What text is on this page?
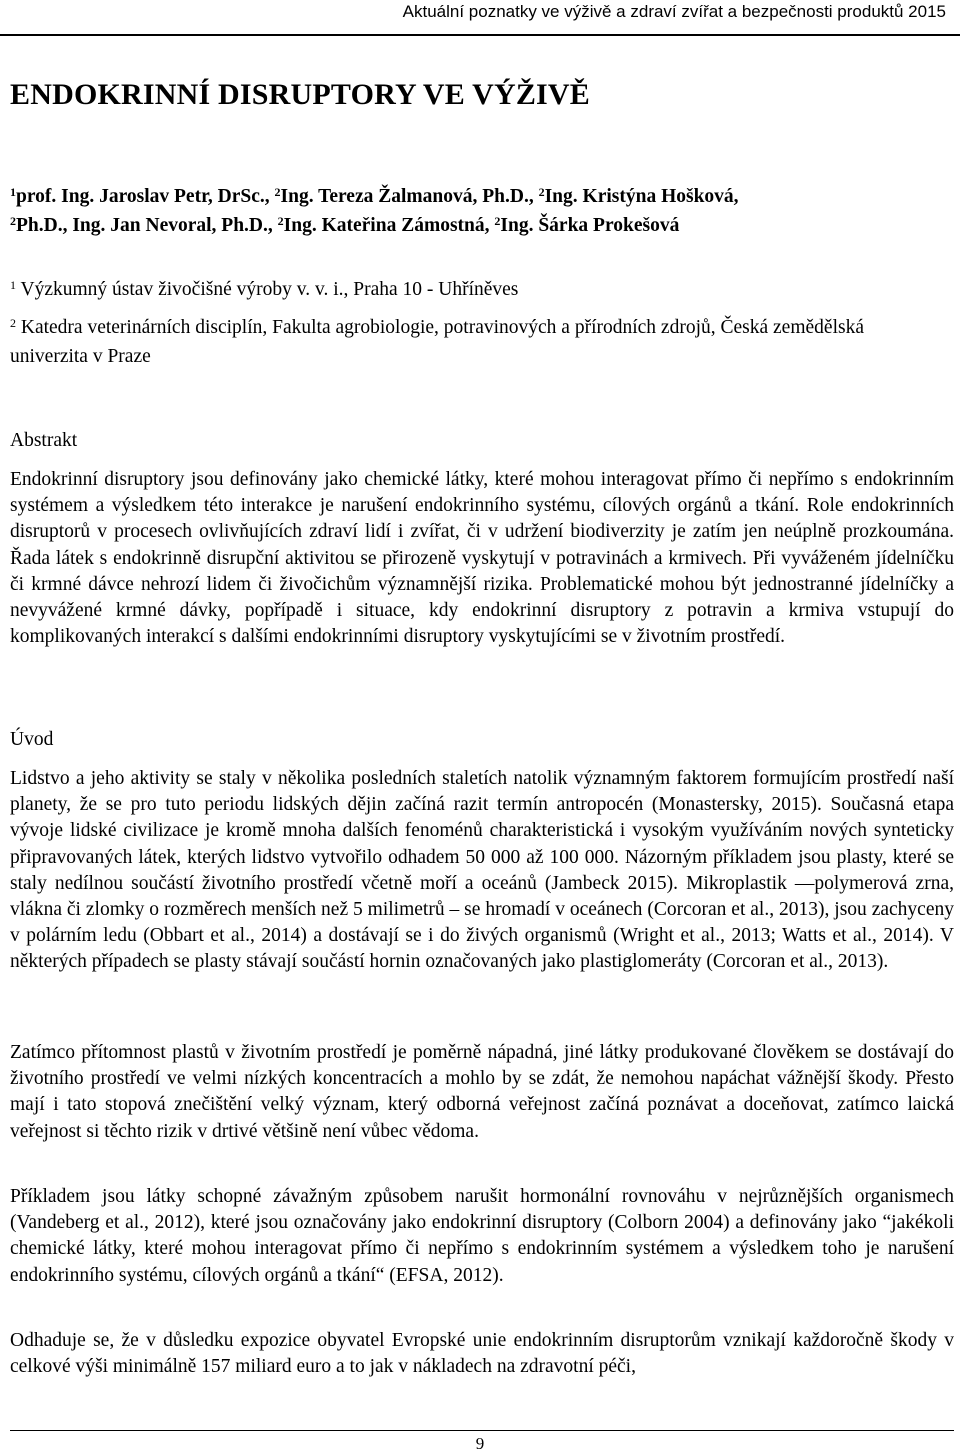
Aktuální poznatky ve výživě a zdraví zvířat a bezpečnosti produktů 2015
ENDOKRINNÍ DISRUPTORY VE VÝŽIVĚ
$^1$prof. Ing. Jaroslav Petr, DrSc., $^2$Ing. Tereza Žalmanová, Ph.D., $^2$Ing. Kristýna Hošková,
$^2$Ph.D., Ing. Jan Nevoral, Ph.D., $^2$Ing. Kateřina Zámostná, $^2$Ing. Šárka Prokešová
$^1$ Výzkumný ústav živočišné výroby v. v. i., Praha 10 - Uhříněves
$^2$ Katedra veterinárních disciplín, Fakulta agrobiologie, potravinových a přírodních zdrojů, Česká zemědělská univerzita v Praze
Abstrakt

Endokrinní disruptory jsou definovány jako chemické látky, které mohou interagovat přímo či nepřímo s endokrinním systémem a výsledkem této interakce je narušení endokrinního systému, cílových orgánů a tkání. Role endokrinních disruptorů v procesech ovlivňujících zdraví lidí i zvířat, či v udržení biodiverzity je zatím jen neúplně prozkoumána. Řada látek s endokrinně disrupční aktivitou se přirozeně vyskytují v potravinách a krmivech. Při vyváženém jídelníčku či krmné dávce nehrozí lidem či živočichům významnější rizika. Problematické mohou být jednostranné jídelníčky a nevyvážené krmné dávky, popřípadě i situace, kdy endokrinní disruptory z potravin a krmiva vstupují do komplikovaných interakcí s dalšími endokrinními disruptory vyskytujícími se v životním prostředí.

Úvod

Lidstvo a jeho aktivity se staly v několika posledních staletích natolik významným faktorem formujícím prostředí naší planety, že se pro tuto periodu lidských dějin začíná razit termín antropocén (Monastersky, 2015). Současná etapa vývoje lidské civilizace je kromě mnoha dalších fenoménů charakteristická i vysokým využíváním nových synteticky připravovaných látek, kterých lidstvo vytvořilo odhadem 50 000 až 100 000. Názorným příkladem jsou plasty, které se staly nedílnou součástí životního prostředí včetně moří a oceánů (Jambeck 2015). Mikroplastik —polymerová zrna, vlákna či zlomky o rozměrech menších než 5 milimetrů – se hromadí v oceánech (Corcoran et al., 2013), jsou zachyceny v polárním ledu (Obbart et al., 2014) a dostávají se i do živých organismů (Wright et al., 2013; Watts et al., 2014). V některých případech se plasty stávají součástí hornin označovaných jako plastiglomeráty (Corcoran et al., 2013).

Zatímco přítomnost plastů v životním prostředí je poměrně nápadná, jiné látky produkované člověkem se dostávají do životního prostředí ve velmi nízkých koncentracích a mohlo by se zdát, že nemohou napáchat vážnější škody. Přesto mají i tato stopová znečištění velký význam, který odborná veřejnost začíná poznávat a doceňovat, zatímco laická veřejnost si těchto rizik v drtivé většině není vůbec vědoma.

Příkladem jsou látky schopné závažným způsobem narušit hormonální rovnováhu v nejrůznějších organismech (Vandeberg et al., 2012), které jsou označovány jako endokrinní disruptory (Colborn 2004) a definovány jako “jakékoli chemické látky, které mohou interagovat přímo či nepřímo s endokrinním systémem a výsledkem toho je narušení endokrinního systému, cílových orgánů a tkání“ (EFSA, 2012).

Odhaduje se, že v důsledku expozice obyvatel Evropské unie endokrinním disruptorům vznikají každoročně škody v celkové výši minimálně 157 miliard euro a to jak v nákladech na zdravotní péči,

9
